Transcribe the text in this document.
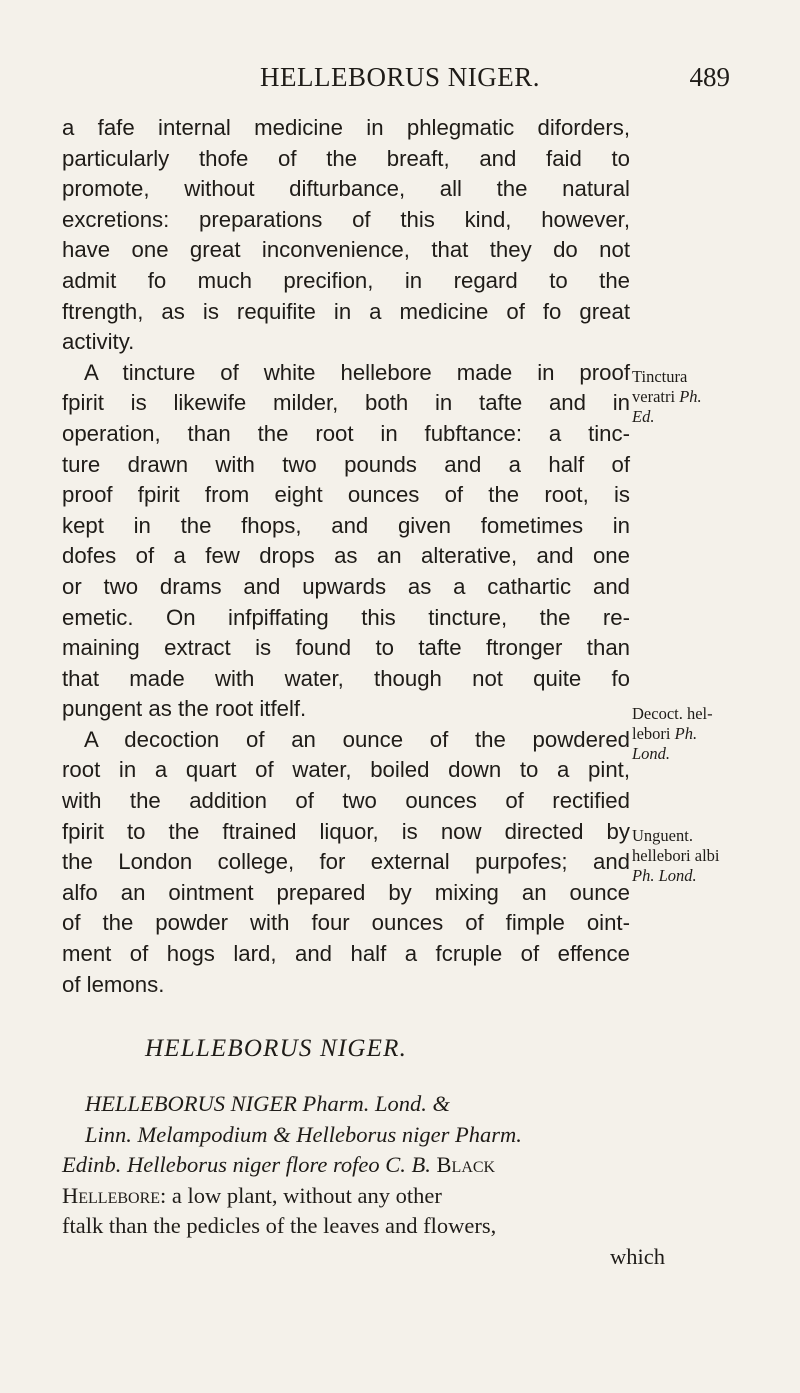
HELLEBORUS NIGER.	489
a fafe internal medicine in phlegmatic diforders,
particularly thofe of the breaft, and faid to
promote, without difturbance, all the natural
excretions: preparations of this kind, however,
have one great inconvenience, that they do not
admit fo much precifion, in regard to the
ftrength, as is requifite in a medicine of fo great
activity.
A tincture of white hellebore made in proof
fpirit is likewife milder, both in tafte and in
operation, than the root in fubftance: a tinc-
ture drawn with two pounds and a half of
proof fpirit from eight ounces of the root, is
kept in the fhops, and given fometimes in
dofes of a few drops as an alterative, and one
or two drams and upwards as a cathartic and
emetic. On infpiffating this tincture, the re-
maining extract is found to tafte ftronger than
that made with water, though not quite fo
pungent as the root itfelf.
A decoction of an ounce of the powdered
root in a quart of water, boiled down to a pint,
with the addition of two ounces of rectified
fpirit to the ftrained liquor, is now directed by
the London college, for external purpofes; and
alfo an ointment prepared by mixing an ounce
of the powder with four ounces of fimple oint-
ment of hogs lard, and half a fcruple of effence
of lemons.
Tinctura
veratri Ph.
Ed.
Decoct. hel-
lebori Ph.
Lond.
Unguent.
hellebori albi
Ph. Lond.
HELLEBORUS NIGER.
HELLEBORUS NIGER Pharm. Lond. &
Linn. Melampodium & Helleborus niger Pharm.
Edinb. Helleborus niger flore rofeo C. B. Black
Hellebore: a low plant, without any other
ftalk than the pedicles of the leaves and flowers,
which
